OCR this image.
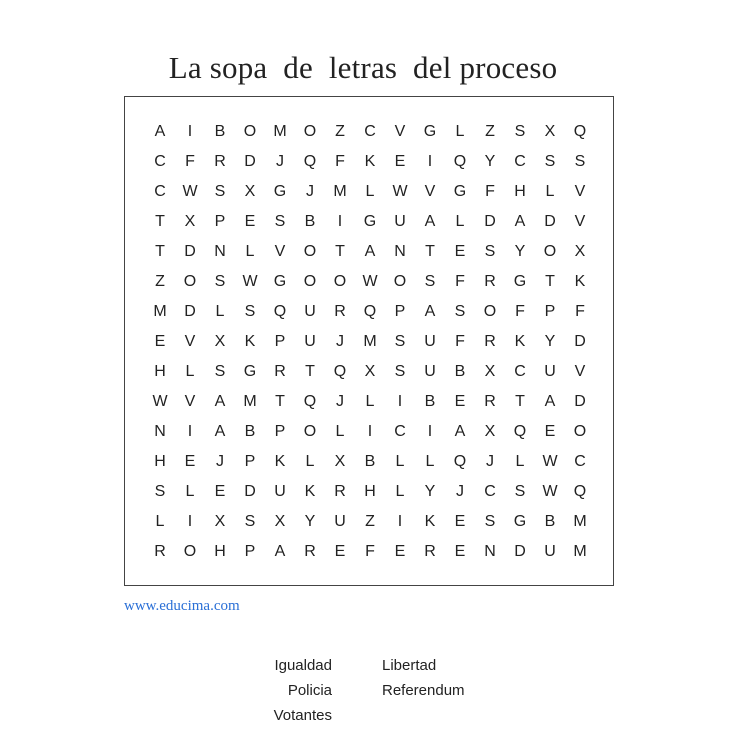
La sopa  de  letras  del proceso
A	I	B	O	M	O	Z	C	V	G	L	Z	S	X	Q
C	F	R	D	J	Q	F	K	E	I	Q	Y	C	S	S
C	W	S	X	G	J	M	L	W	V	G	F	H	L	V
T	X	P	E	S	B	I	G	U	A	L	D	A	D	V
T	D	N	L	V	O	T	A	N	T	E	S	Y	O	X
Z	O	S	W	G	O	O	W	O	S	F	R	G	T	K
M	D	L	S	Q	U	R	Q	P	A	S	O	F	P	F
E	V	X	K	P	U	J	M	S	U	F	R	K	Y	D
H	L	S	G	R	T	Q	X	S	U	B	X	C	U	V
W	V	A	M	T	Q	J	L	I	B	E	R	T	A	D
N	I	A	B	P	O	L	I	C	I	A	X	Q	E	O
H	E	J	P	K	L	X	B	L	L	Q	J	L	W	C
S	L	E	D	U	K	R	H	L	Y	J	C	S	W	Q
L	I	X	S	X	Y	U	Z	I	K	E	S	G	B	M
R	O	H	P	A	R	E	F	E	R	E	N	D	U	M
www.educima.com
Igualdad
Policia
Votantes
Libertad
Referendum
